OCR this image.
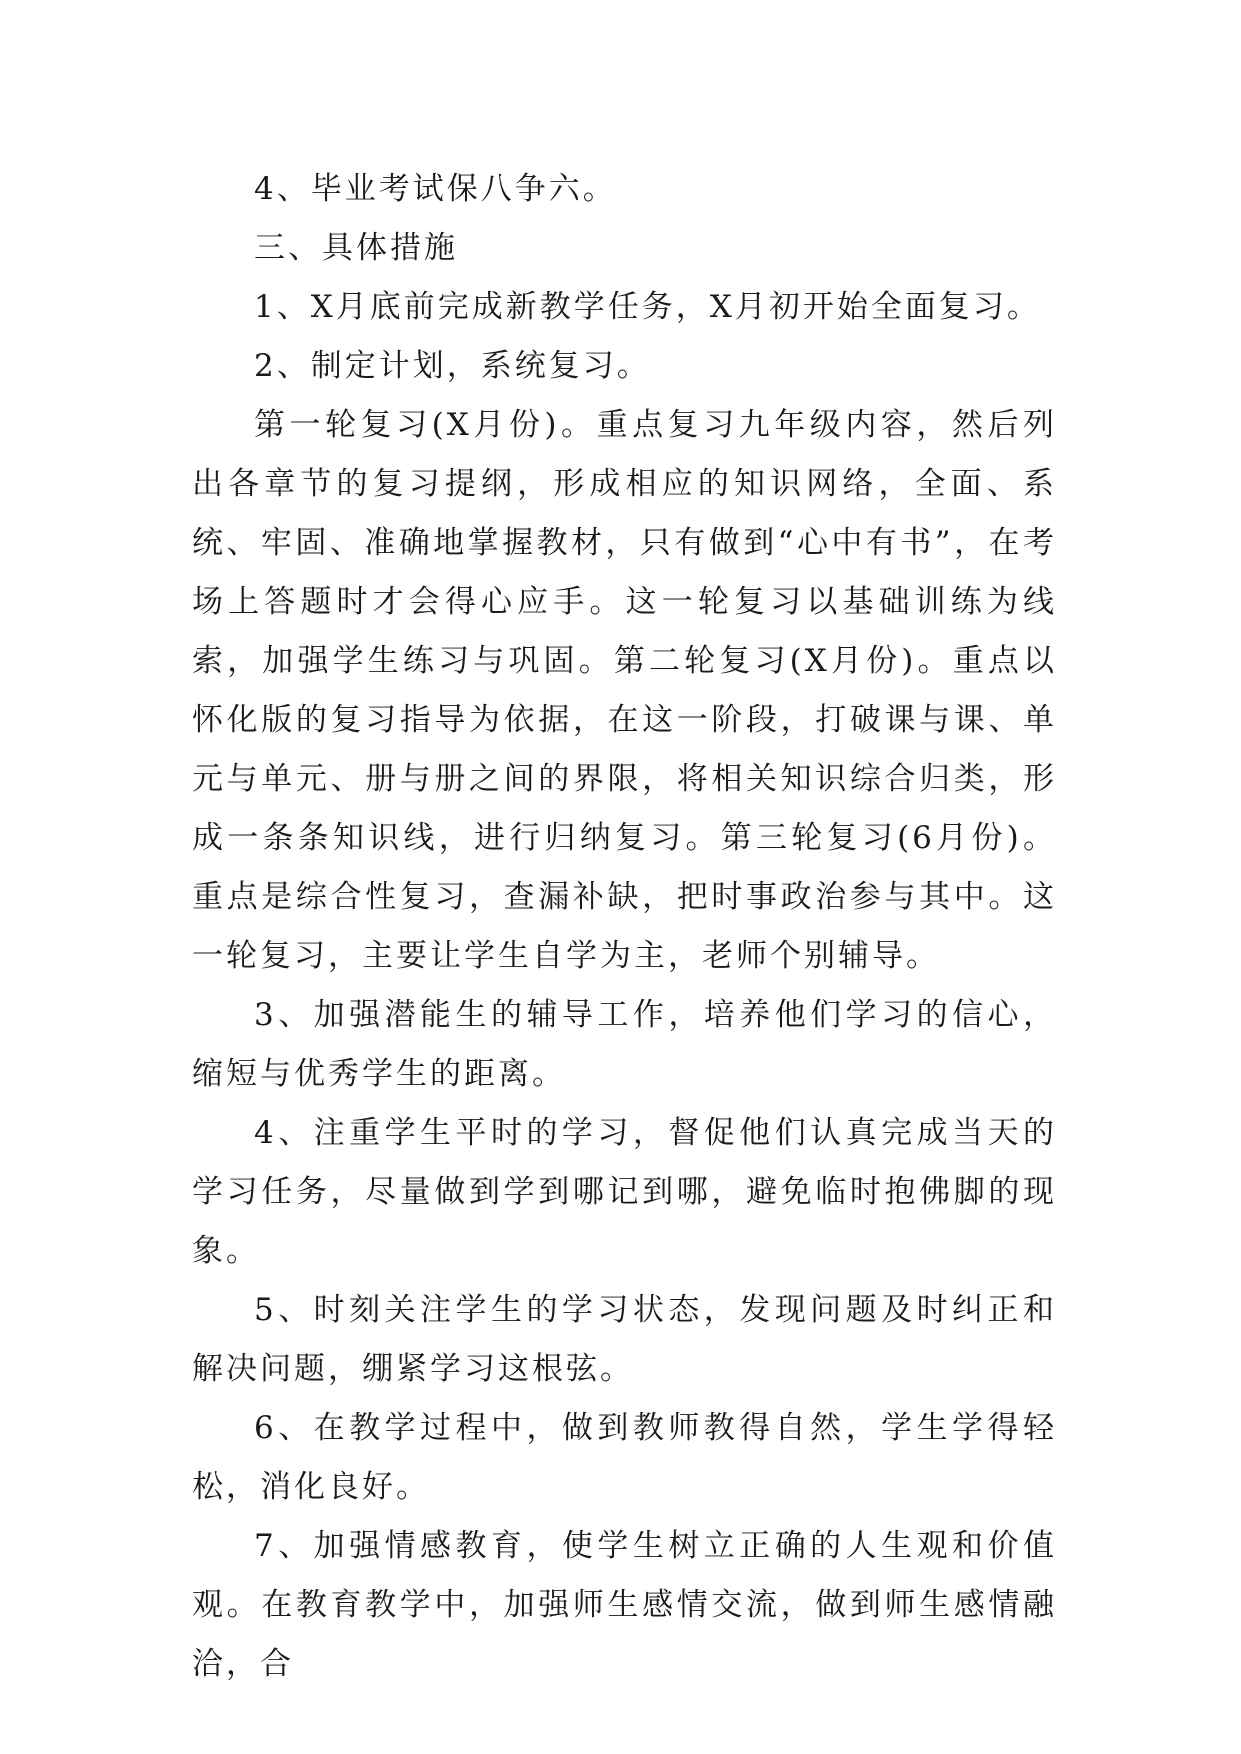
4、毕业考试保八争六。

三、具体措施

1、X月底前完成新教学任务，X月初开始全面复习。

2、制定计划，系统复习。

第一轮复习(X月份)。重点复习九年级内容，然后列出各章节的复习提纲，形成相应的知识网络，全面、系统、牢固、准确地掌握教材，只有做到“心中有书”，在考场上答题时才会得心应手。这一轮复习以基础训练为线索，加强学生练习与巩固。第二轮复习(X月份)。重点以怀化版的复习指导为依据，在这一阶段，打破课与课、单元与单元、册与册之间的界限，将相关知识综合归类，形成一条条知识线，进行归纳复习。第三轮复习(6月份)。重点是综合性复习，查漏补缺，把时事政治参与其中。这一轮复习，主要让学生自学为主，老师个别辅导。

3、加强潜能生的辅导工作，培养他们学习的信心，缩短与优秀学生的距离。

4、注重学生平时的学习，督促他们认真完成当天的学习任务，尽量做到学到哪记到哪，避免临时抱佛脚的现象。

5、时刻关注学生的学习状态，发现问题及时纠正和解决问题，绷紧学习这根弦。

6、在教学过程中，做到教师教得自然，学生学得轻松，消化良好。

7、加强情感教育，使学生树立正确的人生观和价值观。在教育教学中，加强师生感情交流，做到师生感情融洽，合
